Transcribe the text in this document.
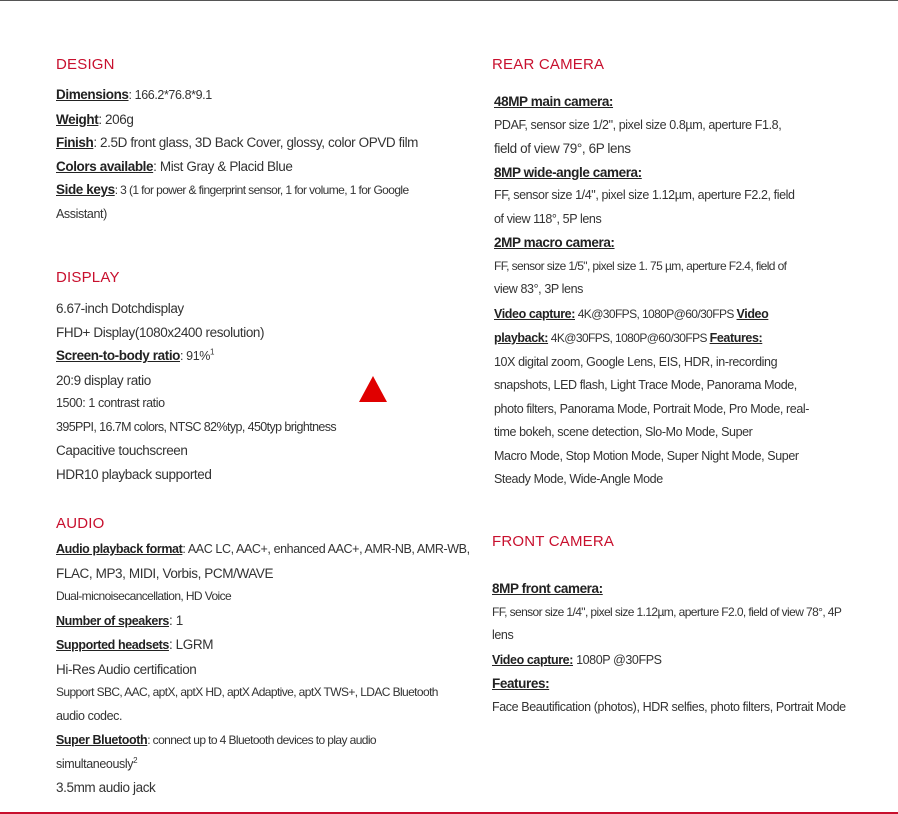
DESIGN
Dimensions: 166.2*76.8*9.1
Weight: 206g
Finish: 2.5D front glass, 3D Back Cover, glossy, color OPVD film
Colors available: Mist Gray & Placid Blue
Side keys: 3 (1 for power & fingerprint sensor, 1 for volume, 1 for Google
Assistant)
DISPLAY
6.67-inch Dotchdisplay
FHD+ Display(1080x2400 resolution)
Screen-to-body ratio: 91%$^1$
20:9 display ratio
1500: 1 contrast ratio
395PPI, 16.7M colors, NTSC 82%typ, 450typ brightness
Capacitive touchscreen
HDR10 playback supported
AUDIO
Audio playback format: AAC LC, AAC+, enhanced AAC+, AMR-NB, AMR-WB,
FLAC, MP3, MIDI, Vorbis, PCM/WAVE
Dual-micnoisecancellation, HD Voice
Number of speakers: 1
Supported headsets: LGRM
Hi-Res Audio certification
Support SBC, AAC, aptX, aptX HD, aptX Adaptive, aptX TWS+, LDAC Bluetooth
audio codec.
Super Bluetooth: connect up to 4 Bluetooth devices to play audio
simultaneously$^2$
3.5mm audio jack
REAR CAMERA
48MP main camera:
PDAF, sensor size 1/2", pixel size 0.8µm, aperture F1.8,
field of view 79°, 6P lens
8MP wide-angle camera:
FF, sensor size 1/4", pixel size 1.12µm, aperture F2.2, field
of view 118°, 5P lens
2MP macro camera:
FF, sensor size 1/5", pixel size 1. 75 µm, aperture F2.4, field of
view 83°, 3P lens
Video capture: 4K@30FPS, 1080P@60/30FPS Video
playback: 4K@30FPS, 1080P@60/30FPS Features:
10X digital zoom, Google Lens, EIS, HDR, in-recording
snapshots, LED flash, Light Trace Mode, Panorama Mode,
photo filters, Panorama Mode, Portrait Mode, Pro Mode, real-
time bokeh, scene detection, Slo-Mo Mode, Super
Macro Mode, Stop Motion Mode, Super Night Mode, Super
Steady Mode, Wide-Angle Mode
FRONT CAMERA
8MP front camera:
FF, sensor size 1/4", pixel size 1.12µm, aperture F2.0, field of view 78°, 4P
lens
Video capture: 1080P @30FPS
Features:
Face Beautification (photos), HDR selfies, photo filters, Portrait Mode
